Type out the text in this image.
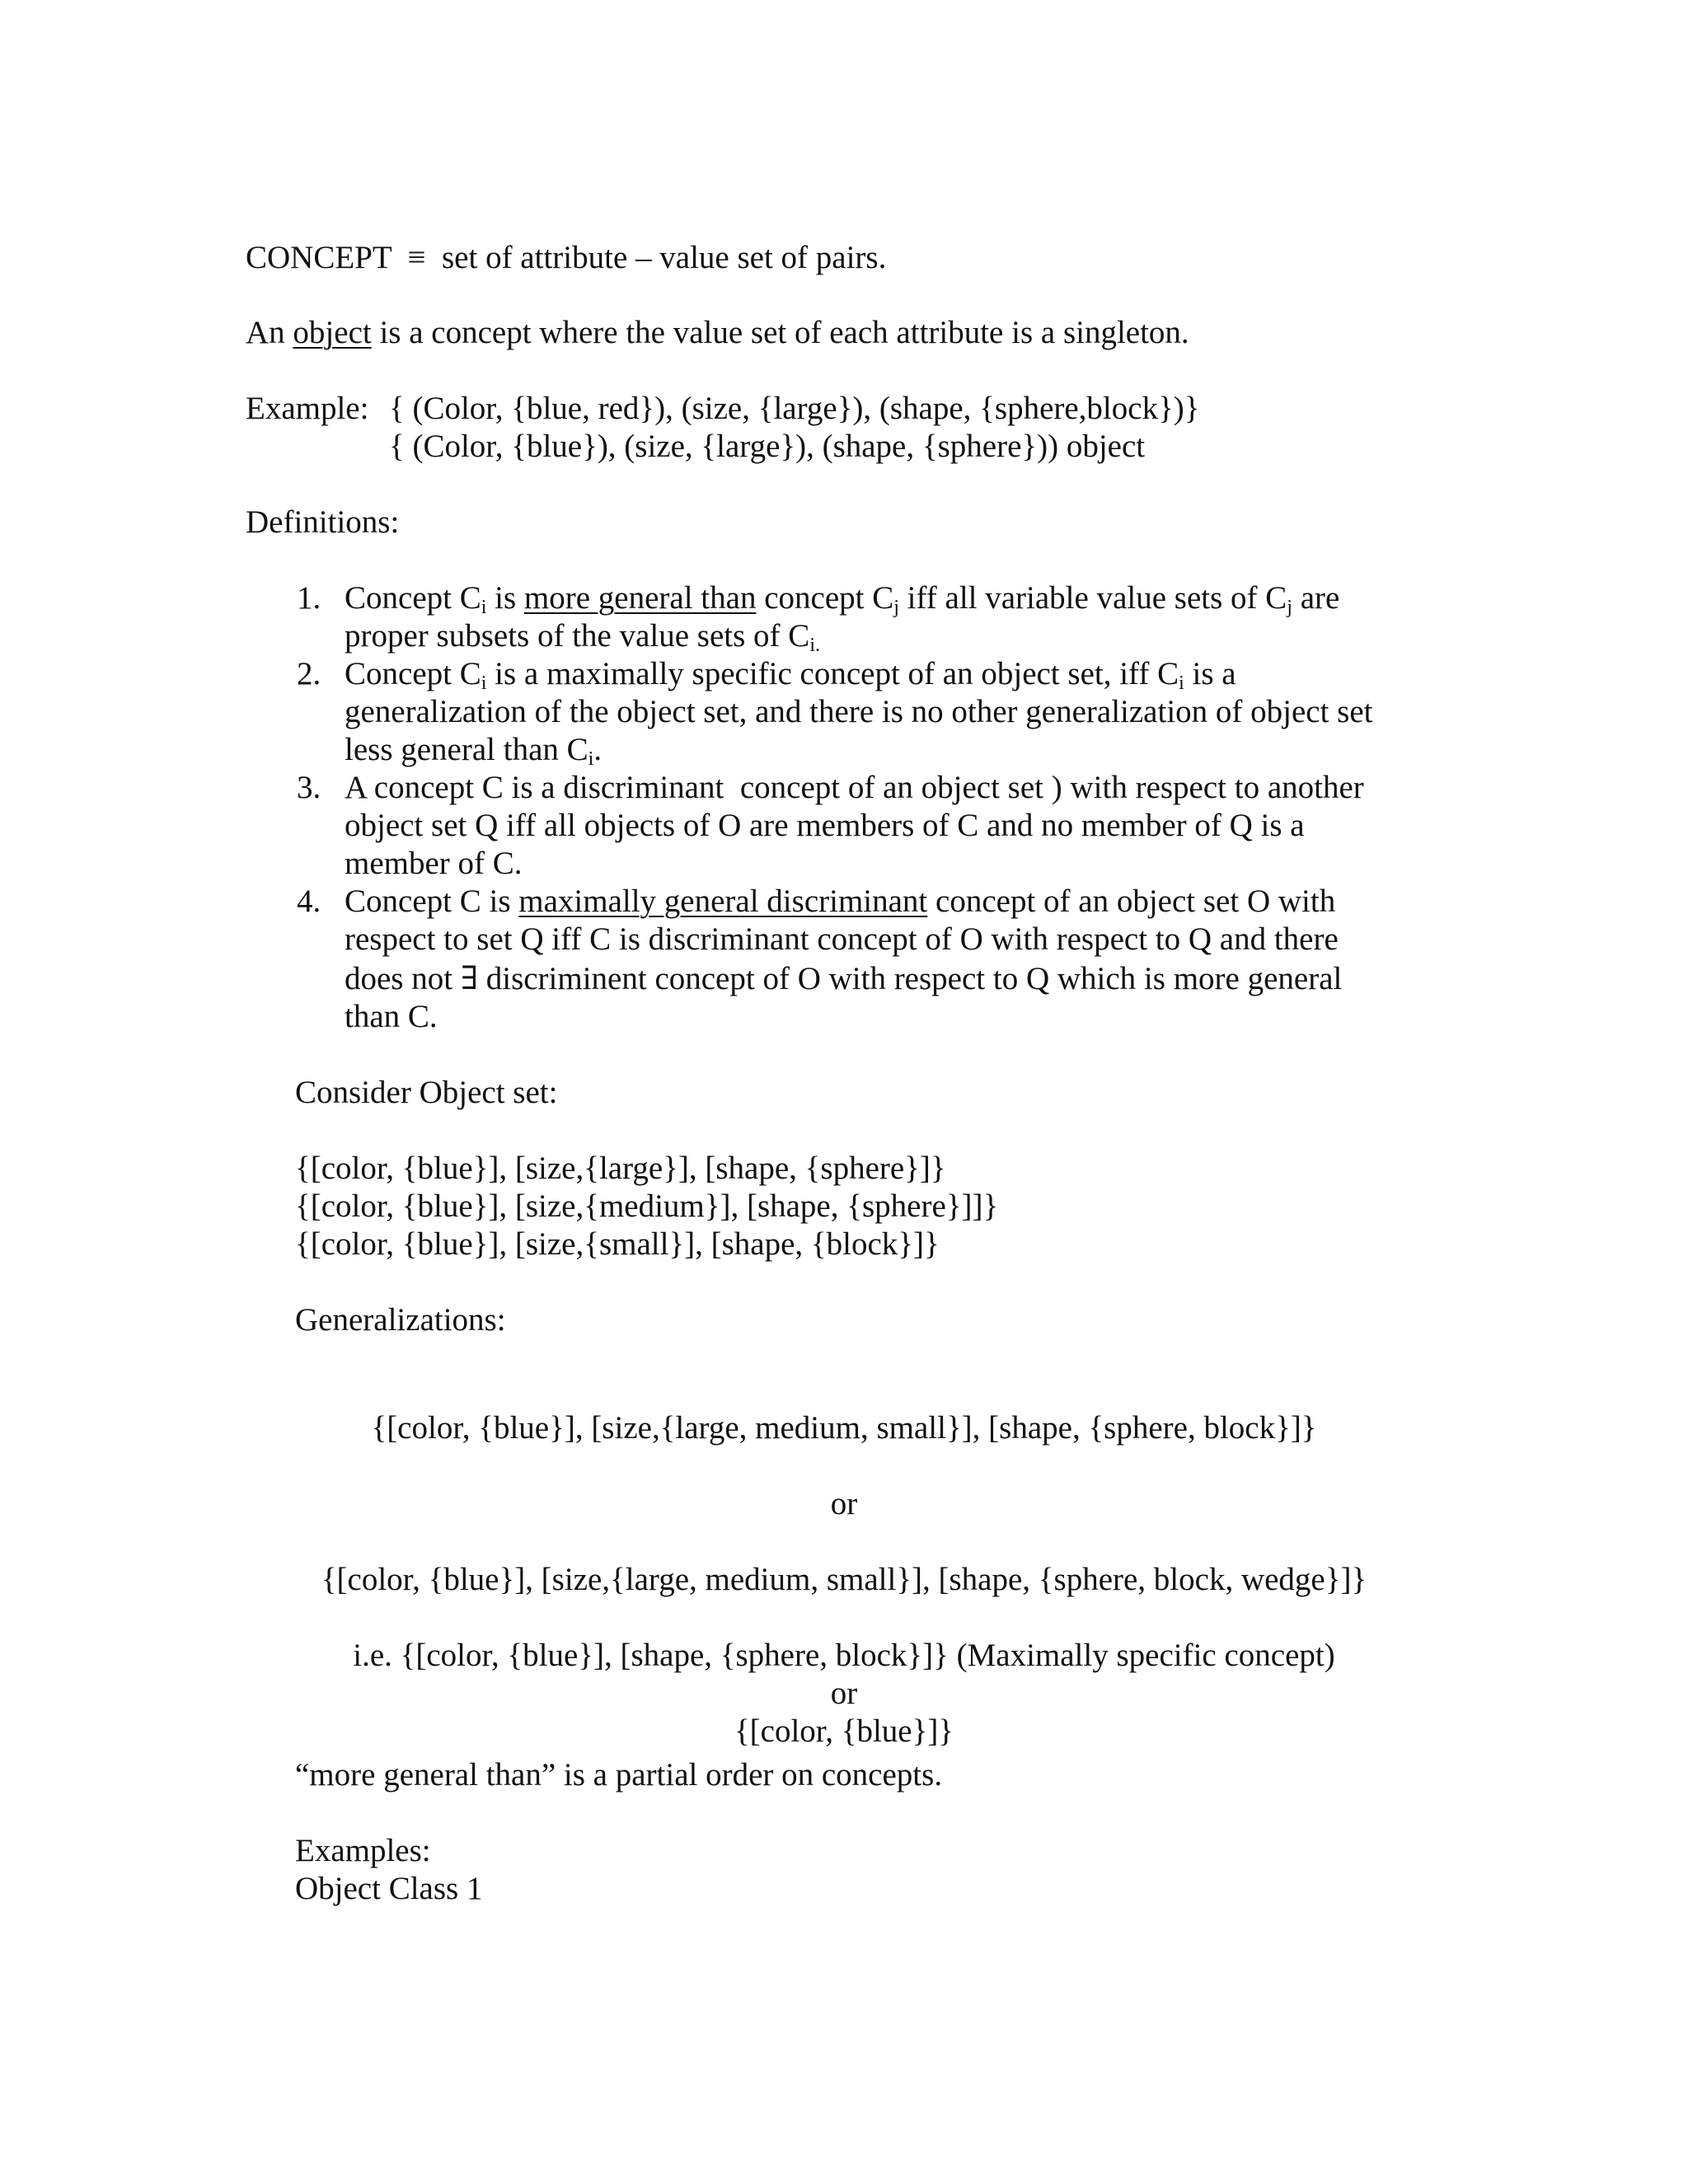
CONCEPT ≡ set of attribute – value set of pairs.

An object is a concept where the value set of each attribute is a singleton.

Example: { (Color, {blue, red}), (size, {large}), (shape, {sphere,block})}

{ (Color, {blue}), (size, {large}), (shape, {sphere})) object

Definitions:

1. Concept $C_i$ is more general than concept $C_j$ iff all variable value sets of $C_j$ are

proper subsets of the value sets of $C_{i.}$

2. Concept $C_i$ is a maximally specific concept of an object set, iff $C_i$ is a

generalization of the object set, and there is no other generalization of object set

less general than $C_i$.

3. A concept C is a discriminant  concept of an object set ) with respect to another

object set Q iff all objects of O are members of C and no member of Q is a

member of C.

4. Concept C is maximally general discriminant concept of an object set O with

respect to set Q iff C is discriminant concept of O with respect to Q and there

does not ∃ discriminent concept of O with respect to Q which is more general

than C.

Consider Object set:

{[color, {blue}], [size,{large}], [shape, {sphere}]}

{[color, {blue}], [size,{medium}], [shape, {sphere}]]}

{[color, {blue}], [size,{small}], [shape, {block}]}

Generalizations:

{[color, {blue}], [size,{large, medium, small}], [shape, {sphere, block}]}

or

{[color, {blue}], [size,{large, medium, small}], [shape, {sphere, block, wedge}]}

i.e. {[color, {blue}], [shape, {sphere, block}]} (Maximally specific concept)

or

{[color, {blue}]}

“more general than” is a partial order on concepts.

Examples:

Object Class 1
